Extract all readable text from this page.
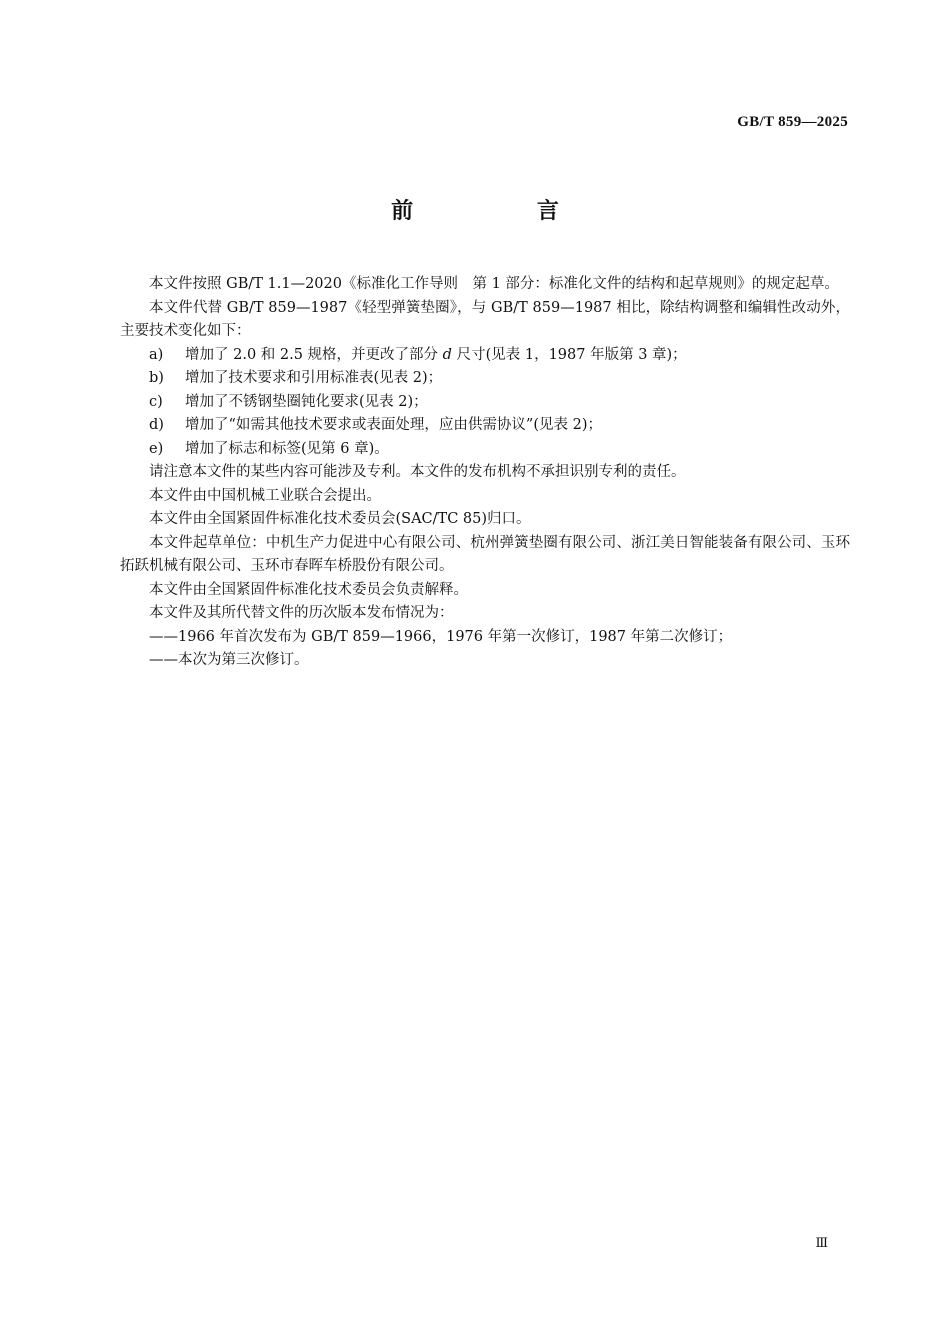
GB/T 859—2025
前 言

本文件按照 GB/T 1.1—2020《标准化工作导则　第 1 部分：标准化文件的结构和起草规则》的规定起草。

本文件代替 GB/T 859—1987《轻型弹簧垫圈》，与 GB/T 859—1987 相比，除结构调整和编辑性改动外，主要技术变化如下：

a) 增加了 2.0 和 2.5 规格，并更改了部分 d 尺寸(见表 1，1987 年版第 3 章)；

b) 增加了技术要求和引用标准表(见表 2)；

c) 增加了不锈钢垫圈钝化要求(见表 2)；

d) 增加了“如需其他技术要求或表面处理，应由供需协议”(见表 2)；

e) 增加了标志和标签(见第 6 章)。

请注意本文件的某些内容可能涉及专利。本文件的发布机构不承担识别专利的责任。

本文件由中国机械工业联合会提出。

本文件由全国紧固件标准化技术委员会(SAC/TC 85)归口。

本文件起草单位：中机生产力促进中心有限公司、杭州弹簧垫圈有限公司、浙江美日智能装备有限公司、玉环拓跃机械有限公司、玉环市春晖车桥股份有限公司。

本文件由全国紧固件标准化技术委员会负责解释。

本文件及其所代替文件的历次版本发布情况为：

——1966 年首次发布为 GB/T 859—1966，1976 年第一次修订，1987 年第二次修订；

——本次为第三次修订。

Ⅲ
